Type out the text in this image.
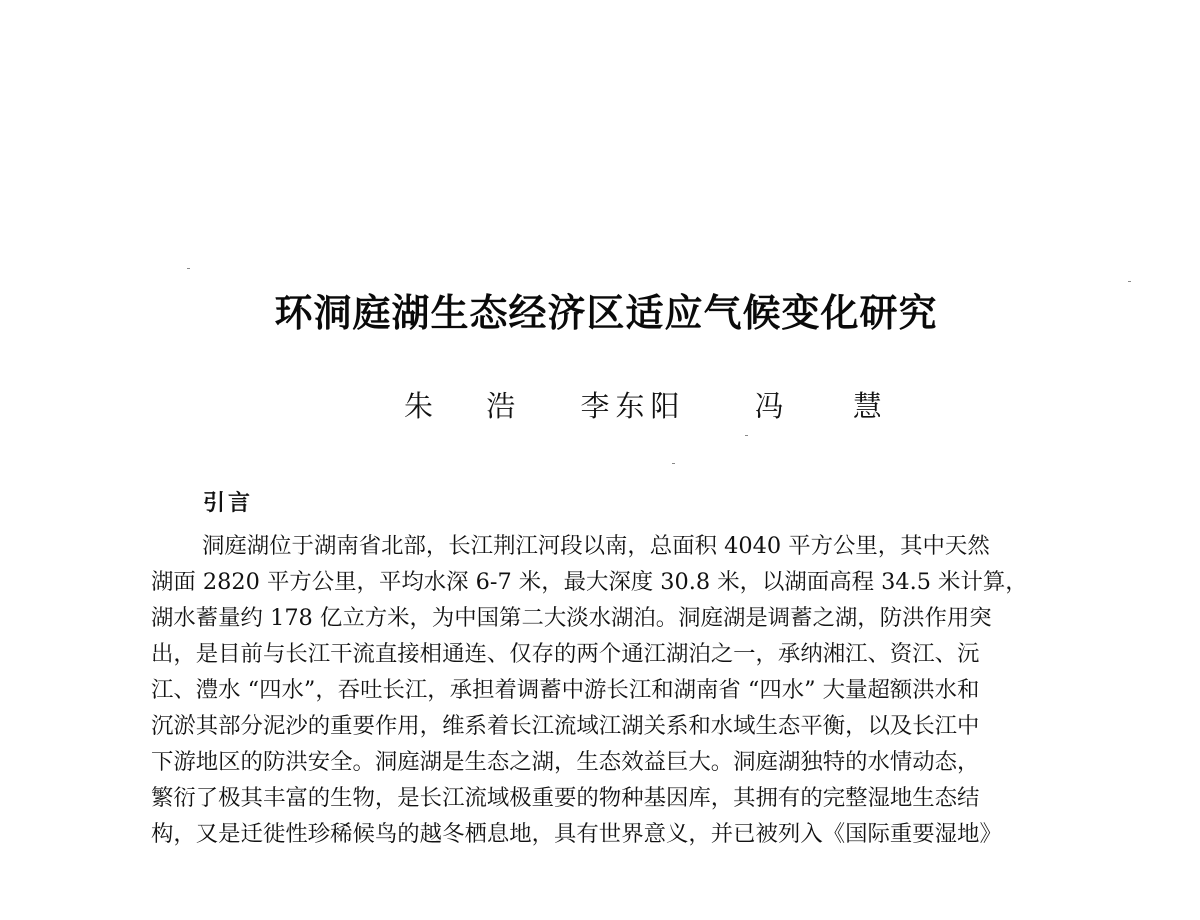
环洞庭湖生态经济区适应气候变化研究
朱 浩 李东阳 冯 慧
引言
洞庭湖位于湖南省北部，长江荆江河段以南，总面积 4040 平方公里，其中天然
湖面 2820 平方公里，平均水深 6-7 米，最大深度 30.8 米，以湖面高程 34.5 米计算，
湖水蓄量约 178 亿立方米，为中国第二大淡水湖泊。洞庭湖是调蓄之湖，防洪作用突
出，是目前与长江干流直接相通连、仅存的两个通江湖泊之一，承纳湘江、资江、沅
江、澧水 “四水”，吞吐长江，承担着调蓄中游长江和湖南省 “四水” 大量超额洪水和
沉淤其部分泥沙的重要作用，维系着长江流域江湖关系和水域生态平衡，以及长江中
下游地区的防洪安全。洞庭湖是生态之湖，生态效益巨大。洞庭湖独特的水情动态，
繁衍了极其丰富的生物，是长江流域极重要的物种基因库，其拥有的完整湿地生态结
构，又是迁徙性珍稀候鸟的越冬栖息地，具有世界意义，并已被列入《国际重要湿地》
